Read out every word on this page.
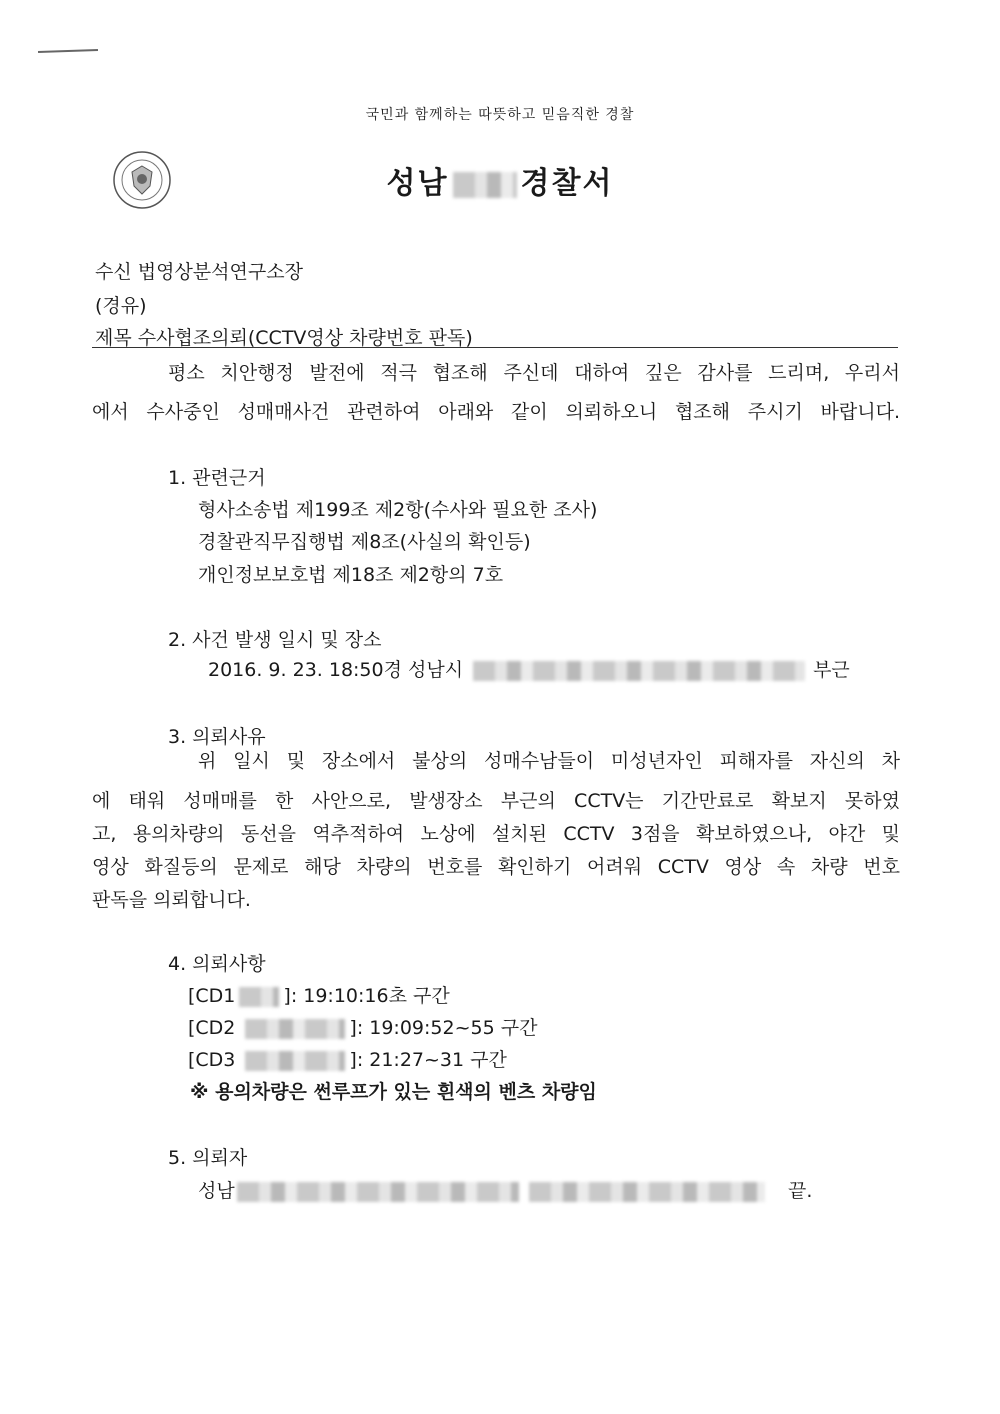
국민과 함께하는 따뜻하고 믿음직한 경찰
성남 경찰서
수신 법영상분석연구소장
(경유)
제목 수사협조의뢰(CCTV영상 차량번호 판독)
평소 치안행정 발전에 적극 협조해 주신데 대하여 깊은 감사를 드리며, 우리서
에서 수사중인 성매매사건 관련하여 아래와 같이 의뢰하오니 협조해 주시기 바랍니다.
1. 관련근거
형사소송법 제199조 제2항(수사와 필요한 조사)
경찰관직무집행법 제8조(사실의 확인등)
개인정보보호법 제18조 제2항의 7호
2. 사건 발생 일시 및 장소
2016. 9. 23. 18:50경 성남시	부근
3. 의뢰사유
위 일시 및 장소에서 불상의 성매수남들이 미성년자인 피해자를 자신의 차
에 태워 성매매를 한 사안으로, 발생장소 부근의 CCTV는 기간만료로 확보지 못하였
고, 용의차량의 동선을 역추적하여 노상에 설치된 CCTV 3점을 확보하였으나, 야간 및
영상 화질등의 문제로 해당 차량의 번호를 확인하기 어려워 CCTV 영상 속 차량 번호
판독을 의뢰합니다.
4. 의뢰사항
[CD1	]: 19:10:16초 구간
[CD2	]: 19:09:52~55 구간
[CD3	]: 21:27~31 구간
※ 용의차량은 썬루프가 있는 흰색의 벤츠 차량임
5. 의뢰자
성남	끝.
